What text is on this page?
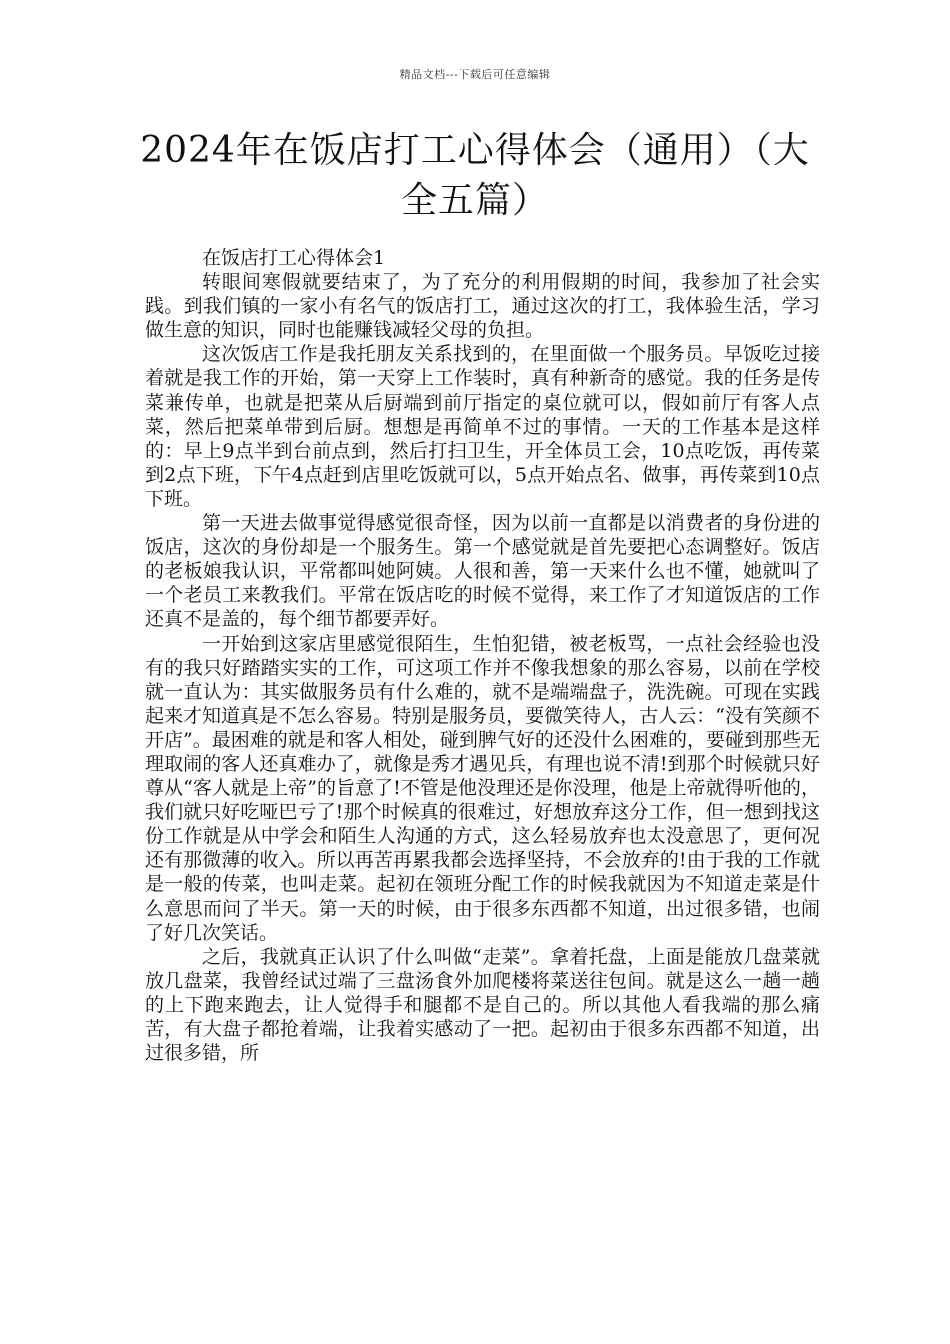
精品文档---下载后可任意编辑
2024年在饭店打工心得体会（通用）（大全五篇）
在饭店打工心得体会1

转眼间寒假就要结束了，为了充分的利用假期的时间，我参加了社会实践。到我们镇的一家小有名气的饭店打工，通过这次的打工，我体验生活，学习做生意的知识，同时也能赚钱减轻父母的负担。

这次饭店工作是我托朋友关系找到的，在里面做一个服务员。早饭吃过接着就是我工作的开始，第一天穿上工作装时，真有种新奇的感觉。我的任务是传菜兼传单，也就是把菜从后厨端到前厅指定的桌位就可以，假如前厅有客人点菜，然后把菜单带到后厨。想想是再简单不过的事情。一天的工作基本是这样的：早上9点半到台前点到，然后打扫卫生，开全体员工会，10点吃饭，再传菜到2点下班，下午4点赶到店里吃饭就可以，5点开始点名、做事，再传菜到10点下班。

第一天进去做事觉得感觉很奇怪，因为以前一直都是以消费者的身份进的饭店，这次的身份却是一个服务生。第一个感觉就是首先要把心态调整好。饭店的老板娘我认识，平常都叫她阿姨。人很和善，第一天来什么也不懂，她就叫了一个老员工来教我们。平常在饭店吃的时候不觉得，来工作了才知道饭店的工作还真不是盖的，每个细节都要弄好。

一开始到这家店里感觉很陌生，生怕犯错，被老板骂，一点社会经验也没有的我只好踏踏实实的工作，可这项工作并不像我想象的那么容易，以前在学校就一直认为：其实做服务员有什么难的，就不是端端盘子，洗洗碗。可现在实践起来才知道真是不怎么容易。特别是服务员，要微笑待人，古人云：“没有笑颜不开店”。最困难的就是和客人相处，碰到脾气好的还没什么困难的，要碰到那些无理取闹的客人还真难办了，就像是秀才遇见兵，有理也说不清!到那个时候就只好尊从“客人就是上帝”的旨意了!不管是他没理还是你没理，他是上帝就得听他的，我们就只好吃哑巴亏了!那个时候真的很难过，好想放弃这分工作，但一想到找这份工作就是从中学会和陌生人沟通的方式，这么轻易放弃也太没意思了，更何况还有那微薄的收入。所以再苦再累我都会选择坚持，不会放弃的!由于我的工作就是一般的传菜，也叫走菜。起初在领班分配工作的时候我就因为不知道走菜是什么意思而问了半天。第一天的时候，由于很多东西都不知道，出过很多错，也闹了好几次笑话。

之后，我就真正认识了什么叫做“走菜”。拿着托盘，上面是能放几盘菜就放几盘菜，我曾经试过端了三盘汤食外加爬楼将菜送往包间。就是这么一趟一趟的上下跑来跑去，让人觉得手和腿都不是自己的。所以其他人看我端的那么痛苦，有大盘子都抢着端，让我着实感动了一把。起初由于很多东西都不知道，出过很多错，所
